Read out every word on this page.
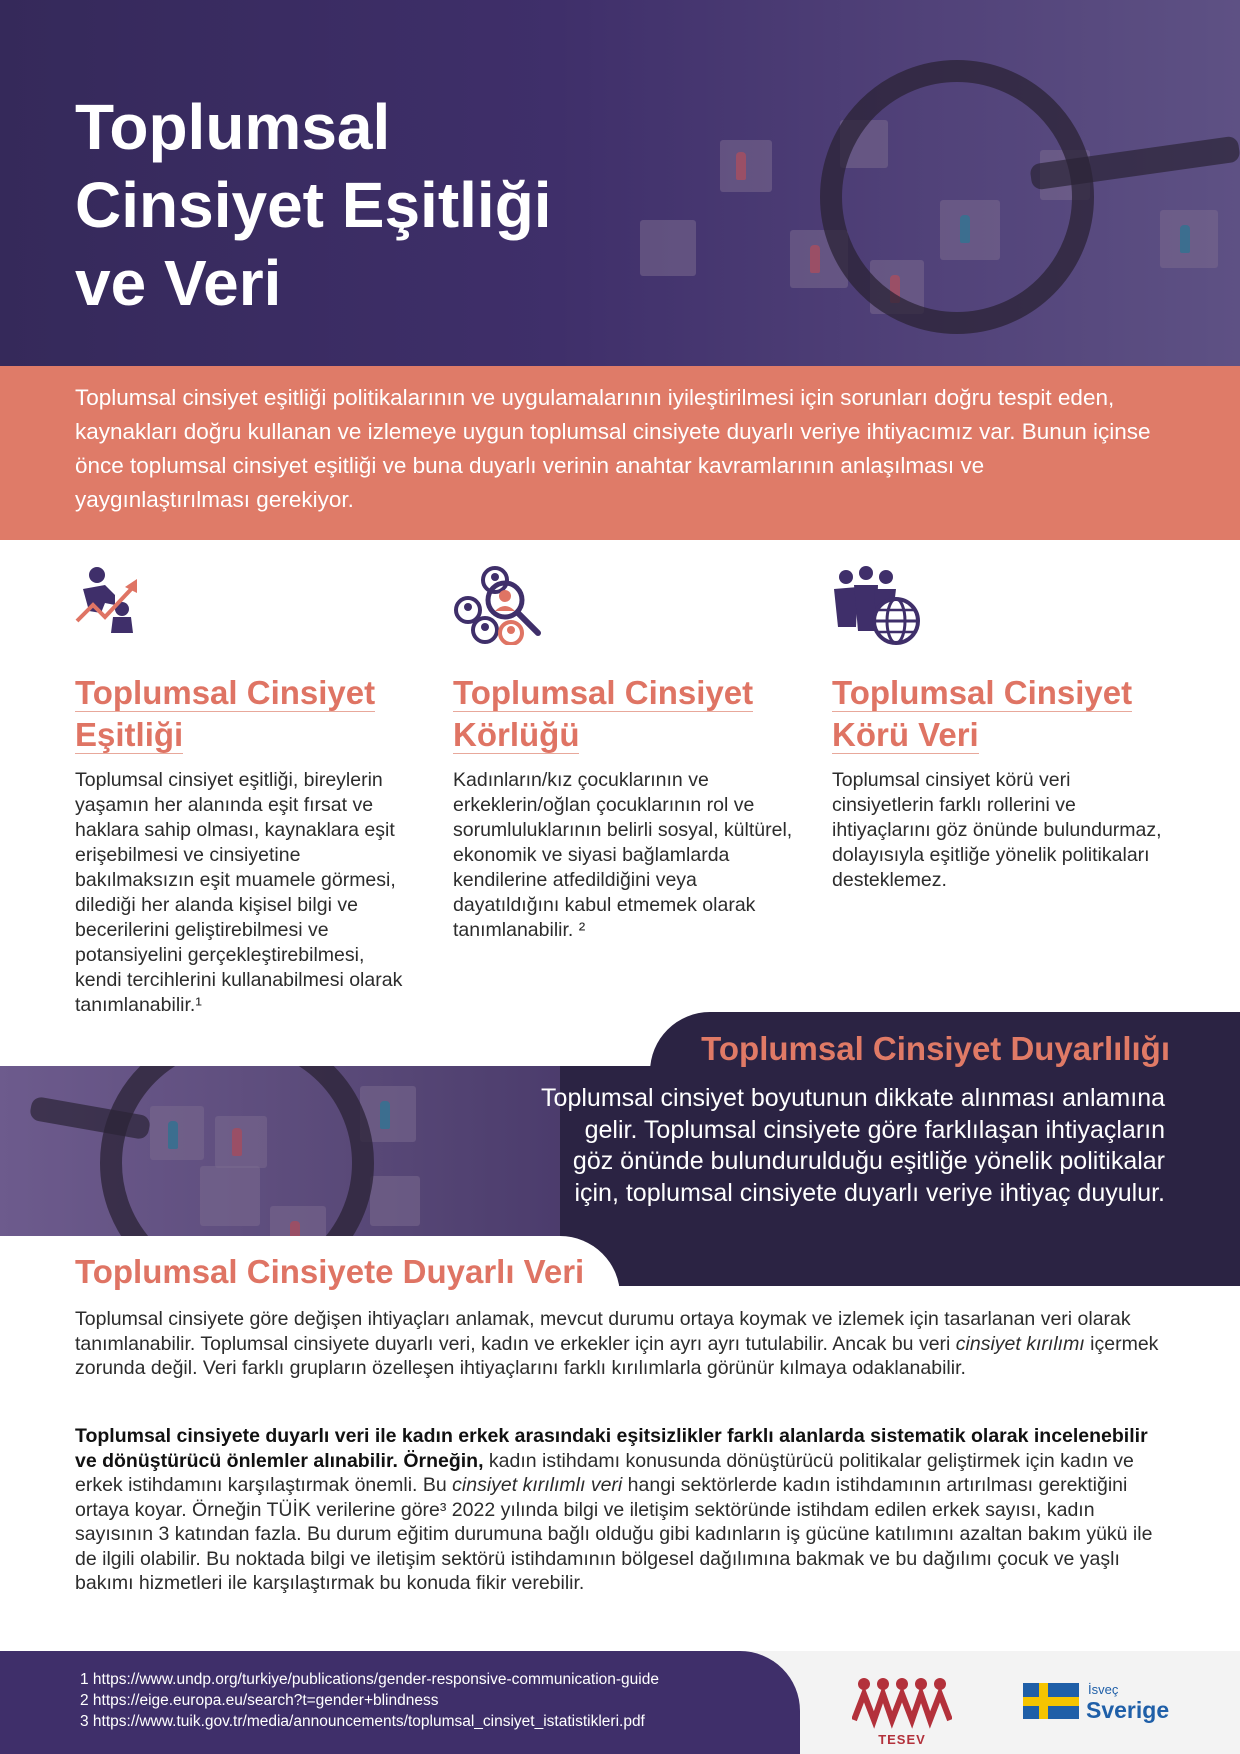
Toplumsal
Cinsiyet Eşitliği
ve Veri

Toplumsal cinsiyet eşitliği politikalarının ve uygulamalarının iyileştirilmesi için sorunları doğru tespit eden, kaynakları doğru kullanan ve izlemeye uygun toplumsal cinsiyete duyarlı veriye ihtiyacımız var. Bunun içinse önce toplumsal cinsiyet eşitliği ve buna duyarlı verinin anahtar kavramlarının anlaşılması ve yaygınlaştırılması gerekiyor.

Toplumsal Cinsiyet
Eşitliği

Toplumsal cinsiyet eşitliği, bireylerin yaşamın her alanında eşit fırsat ve haklara sahip olması, kaynaklara eşit erişebilmesi ve cinsiyetine bakılmaksızın eşit muamele görmesi, dilediği her alanda kişisel bilgi ve becerilerini geliştirebilmesi ve potansiyelini gerçekleştirebilmesi, kendi tercihlerini kullanabilmesi olarak tanımlanabilir.¹

Toplumsal Cinsiyet
Körlüğü

Kadınların/kız çocuklarının ve erkeklerin/oğlan çocuklarının rol ve sorumluluklarının belirli sosyal, kültürel, ekonomik ve siyasi bağlamlarda kendilerine atfedildiğini veya dayatıldığını kabul etmemek olarak tanımlanabilir. ²

Toplumsal Cinsiyet
Körü Veri

Toplumsal cinsiyet körü veri cinsiyetlerin farklı rollerini ve ihtiyaçlarını göz önünde bulundurmaz, dolayısıyla eşitliğe yönelik politikaları desteklemez.

Toplumsal Cinsiyet Duyarlılığı

Toplumsal cinsiyet boyutunun dikkate alınması anlamına gelir. Toplumsal cinsiyete göre farklılaşan ihtiyaçların göz önünde bulundurulduğu eşitliğe yönelik politikalar için, toplumsal cinsiyete duyarlı veriye ihtiyaç duyulur.

Toplumsal Cinsiyete Duyarlı Veri

Toplumsal cinsiyete göre değişen ihtiyaçları anlamak, mevcut durumu ortaya koymak ve izlemek için tasarlanan veri olarak tanımlanabilir. Toplumsal cinsiyete duyarlı veri, kadın ve erkekler için ayrı ayrı tutulabilir. Ancak bu veri cinsiyet kırılımı içermek zorunda değil. Veri farklı grupların özelleşen ihtiyaçlarını farklı kırılımlarla görünür kılmaya odaklanabilir.

Toplumsal cinsiyete duyarlı veri ile kadın erkek arasındaki eşitsizlikler farklı alanlarda sistematik olarak incelenebilir ve dönüştürücü önlemler alınabilir. Örneğin, kadın istihdamı konusunda dönüştürücü politikalar geliştirmek için kadın ve erkek istihdamını karşılaştırmak önemli. Bu cinsiyet kırılımlı veri hangi sektörlerde kadın istihdamının artırılması gerektiğini ortaya koyar. Örneğin TÜİK verilerine göre³ 2022 yılında bilgi ve iletişim sektöründe istihdam edilen erkek sayısı, kadın sayısının 3 katından fazla. Bu durum eğitim durumuna bağlı olduğu gibi kadınların iş gücüne katılımını azaltan bakım yükü ile de ilgili olabilir. Bu noktada bilgi ve iletişim sektörü istihdamının bölgesel dağılımına bakmak ve bu dağılımı çocuk ve yaşlı bakımı hizmetleri ile karşılaştırmak bu konuda fikir verebilir.

1 https://www.undp.org/turkiye/publications/gender-responsive-communication-guide

2 https://eige.europa.eu/search?t=gender+blindness

3 https://www.tuik.gov.tr/media/announcements/toplumsal_cinsiyet_istatistikleri.pdf

TESEV

İsveç

Sverige
